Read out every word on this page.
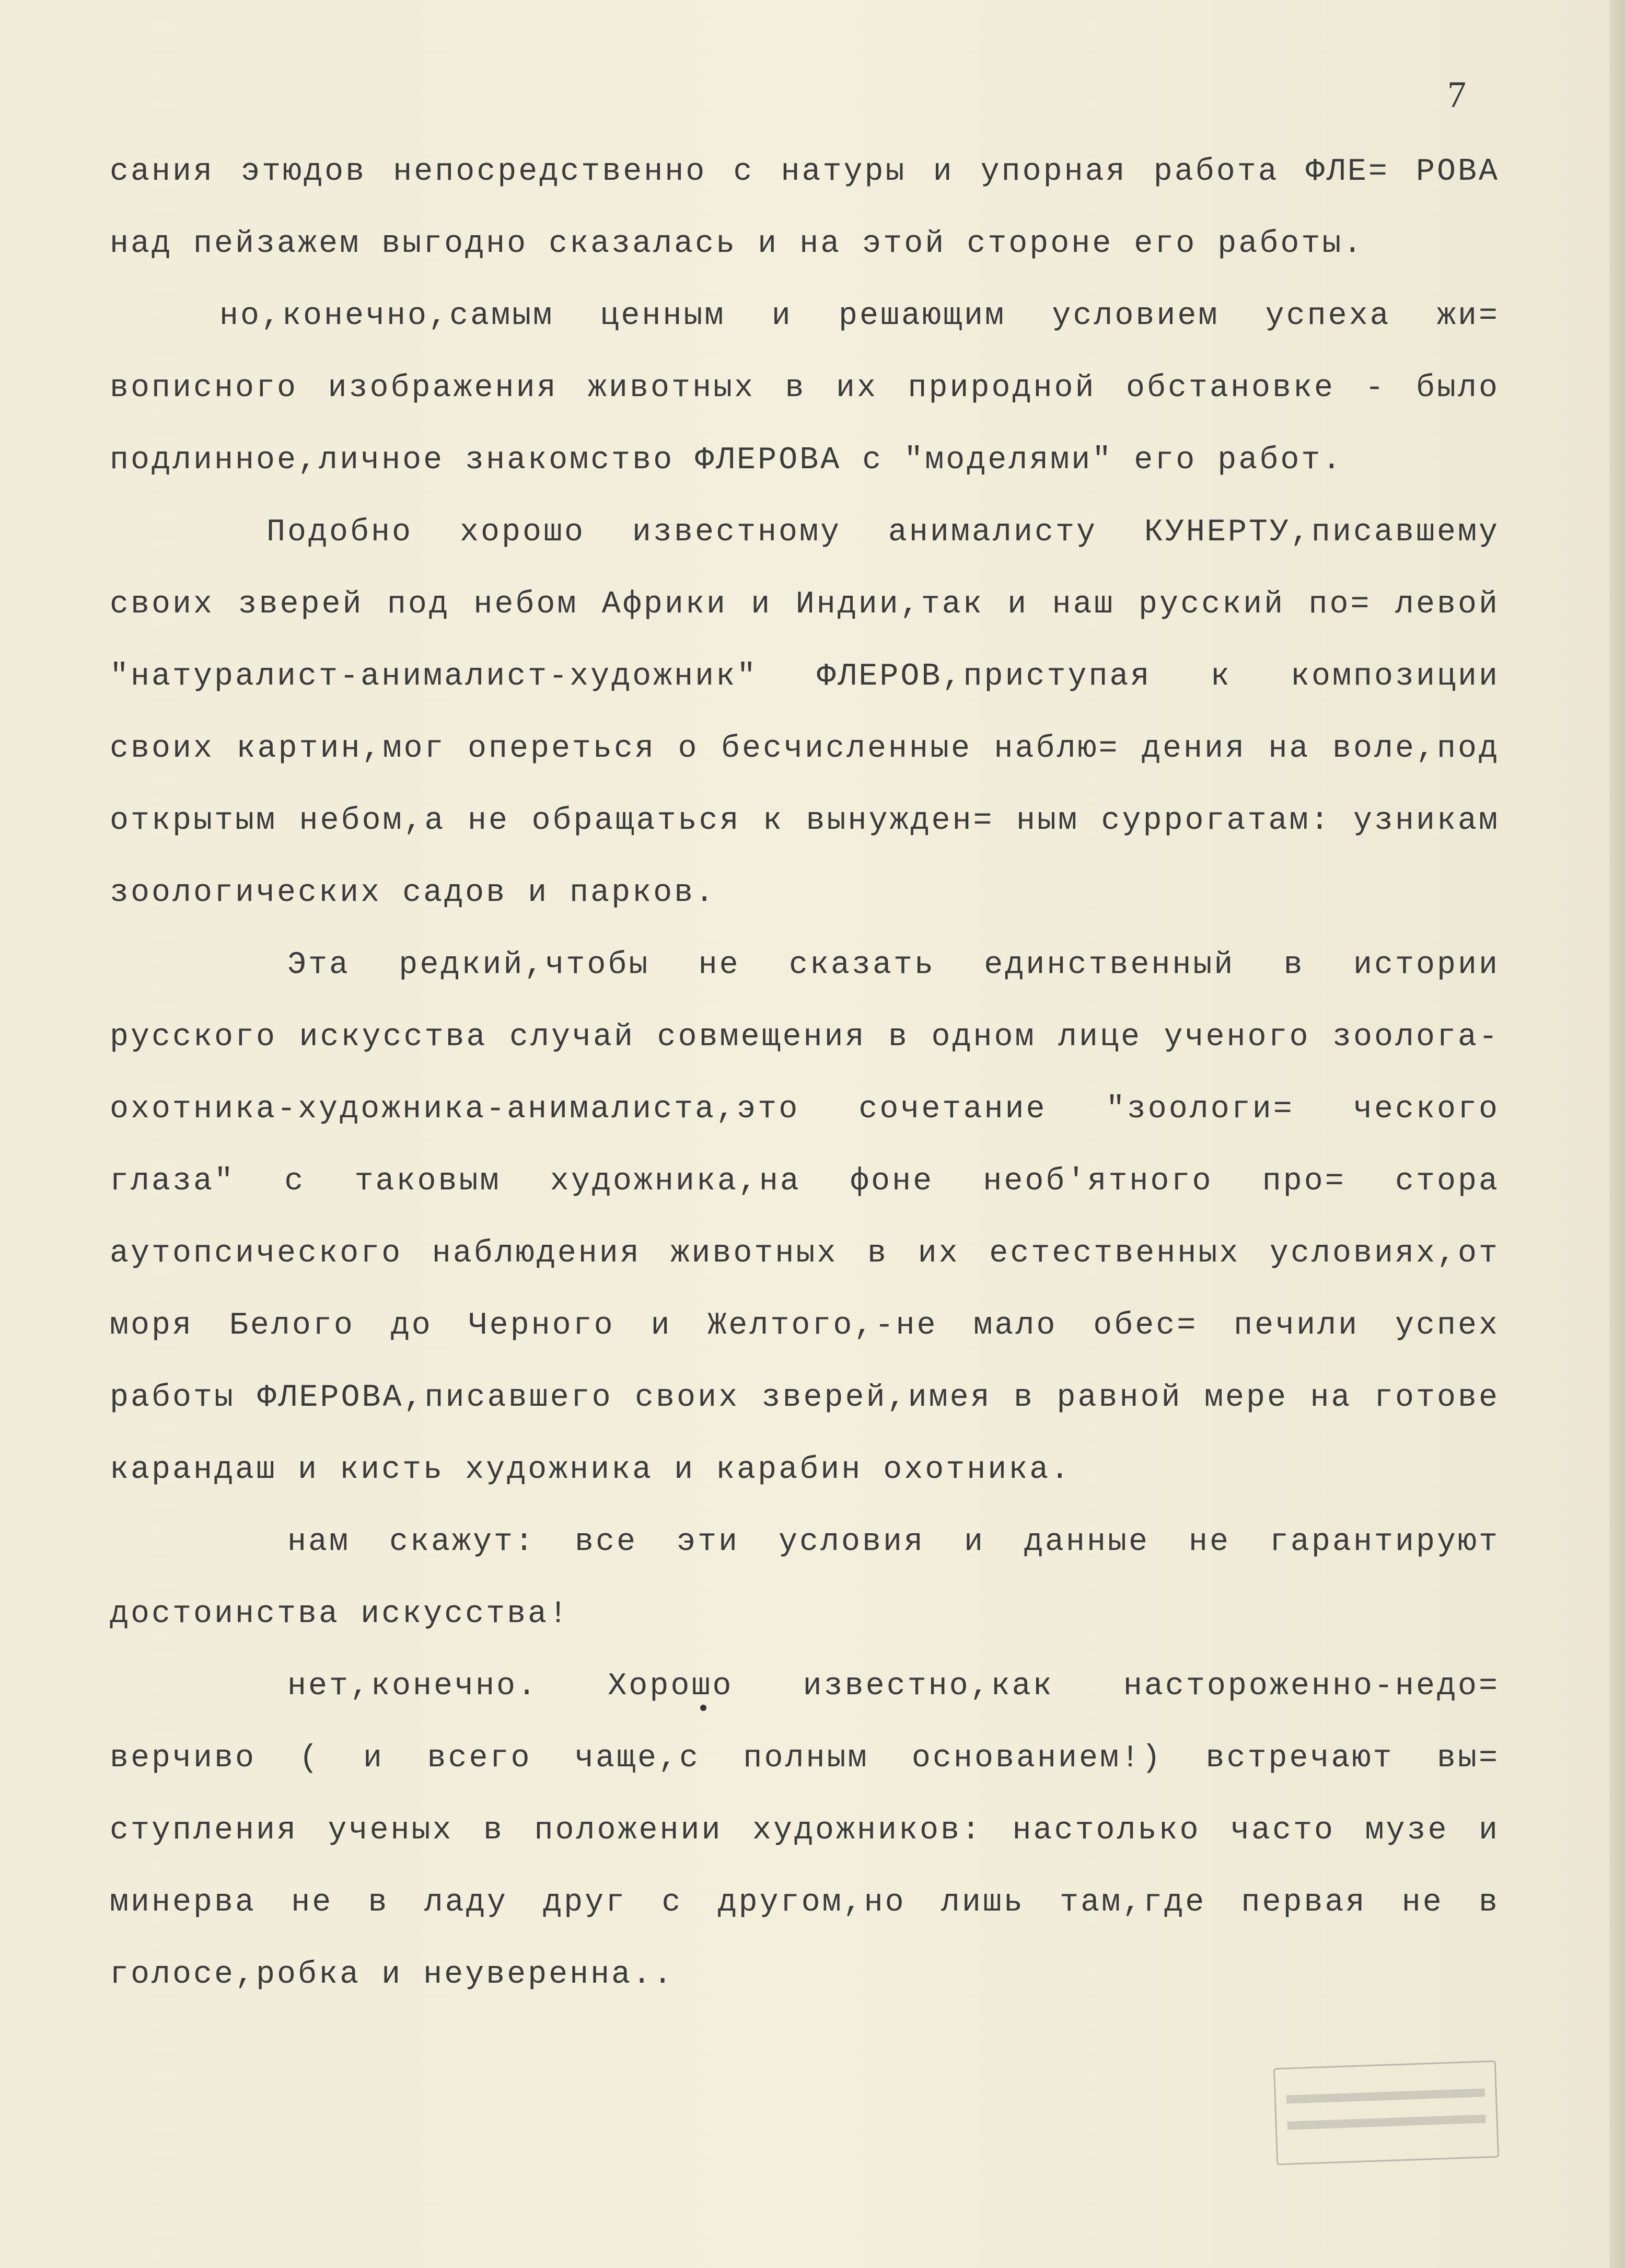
7

сания этюдов непосредственно с натуры и упорная работа ФЛЕ= РОВА над пейзажем выгодно сказалась и на этой стороне его работы.

но,конечно,самым ценным и решающим условием успеха жи= вописного изображения животных в их природной обстановке - было подлинное,личное знакомство ФЛЕРОВА с "моделями" его работ.

Подобно хорошо известному анималисту КУНЕРТУ,писавшему своих зверей под небом Африки и Индии,так и наш русский по= левой "натуралист-анималист-художник" ФЛЕРОВ,приступая к композиции своих картин,мог опереться о бесчисленные наблю= дения на воле,под открытым небом,а не обращаться к вынужден= ным суррогатам: узникам зоологических садов и парков.

Эта редкий,чтобы не сказать единственный в истории русского искусства случай совмещения в одном лице ученого зоолога-охотника-художника-анималиста,это сочетание "зоологи= ческого глаза" с таковым художника,на фоне необ'ятного про= стора аутопсического наблюдения животных в их естественных условиях,от моря Белого до Черного и Желтого,-не мало обес= печили успех работы ФЛЕРОВА,писавшего своих зверей,имея в равной мере на готове карандаш и кисть художника и карабин охотника.

нам скажут: все эти условия и данные не гарантируют достоинства искусства!

нет,конечно. Хорошо известно,как настороженно-недо= верчиво ( и всего чаще,с полным основанием!) встречают вы= ступления ученых в положении художников: настолько часто музе и минерва не в ладу друг с другом,но лишь там,где первая не в голосе,робка и неуверенна..
